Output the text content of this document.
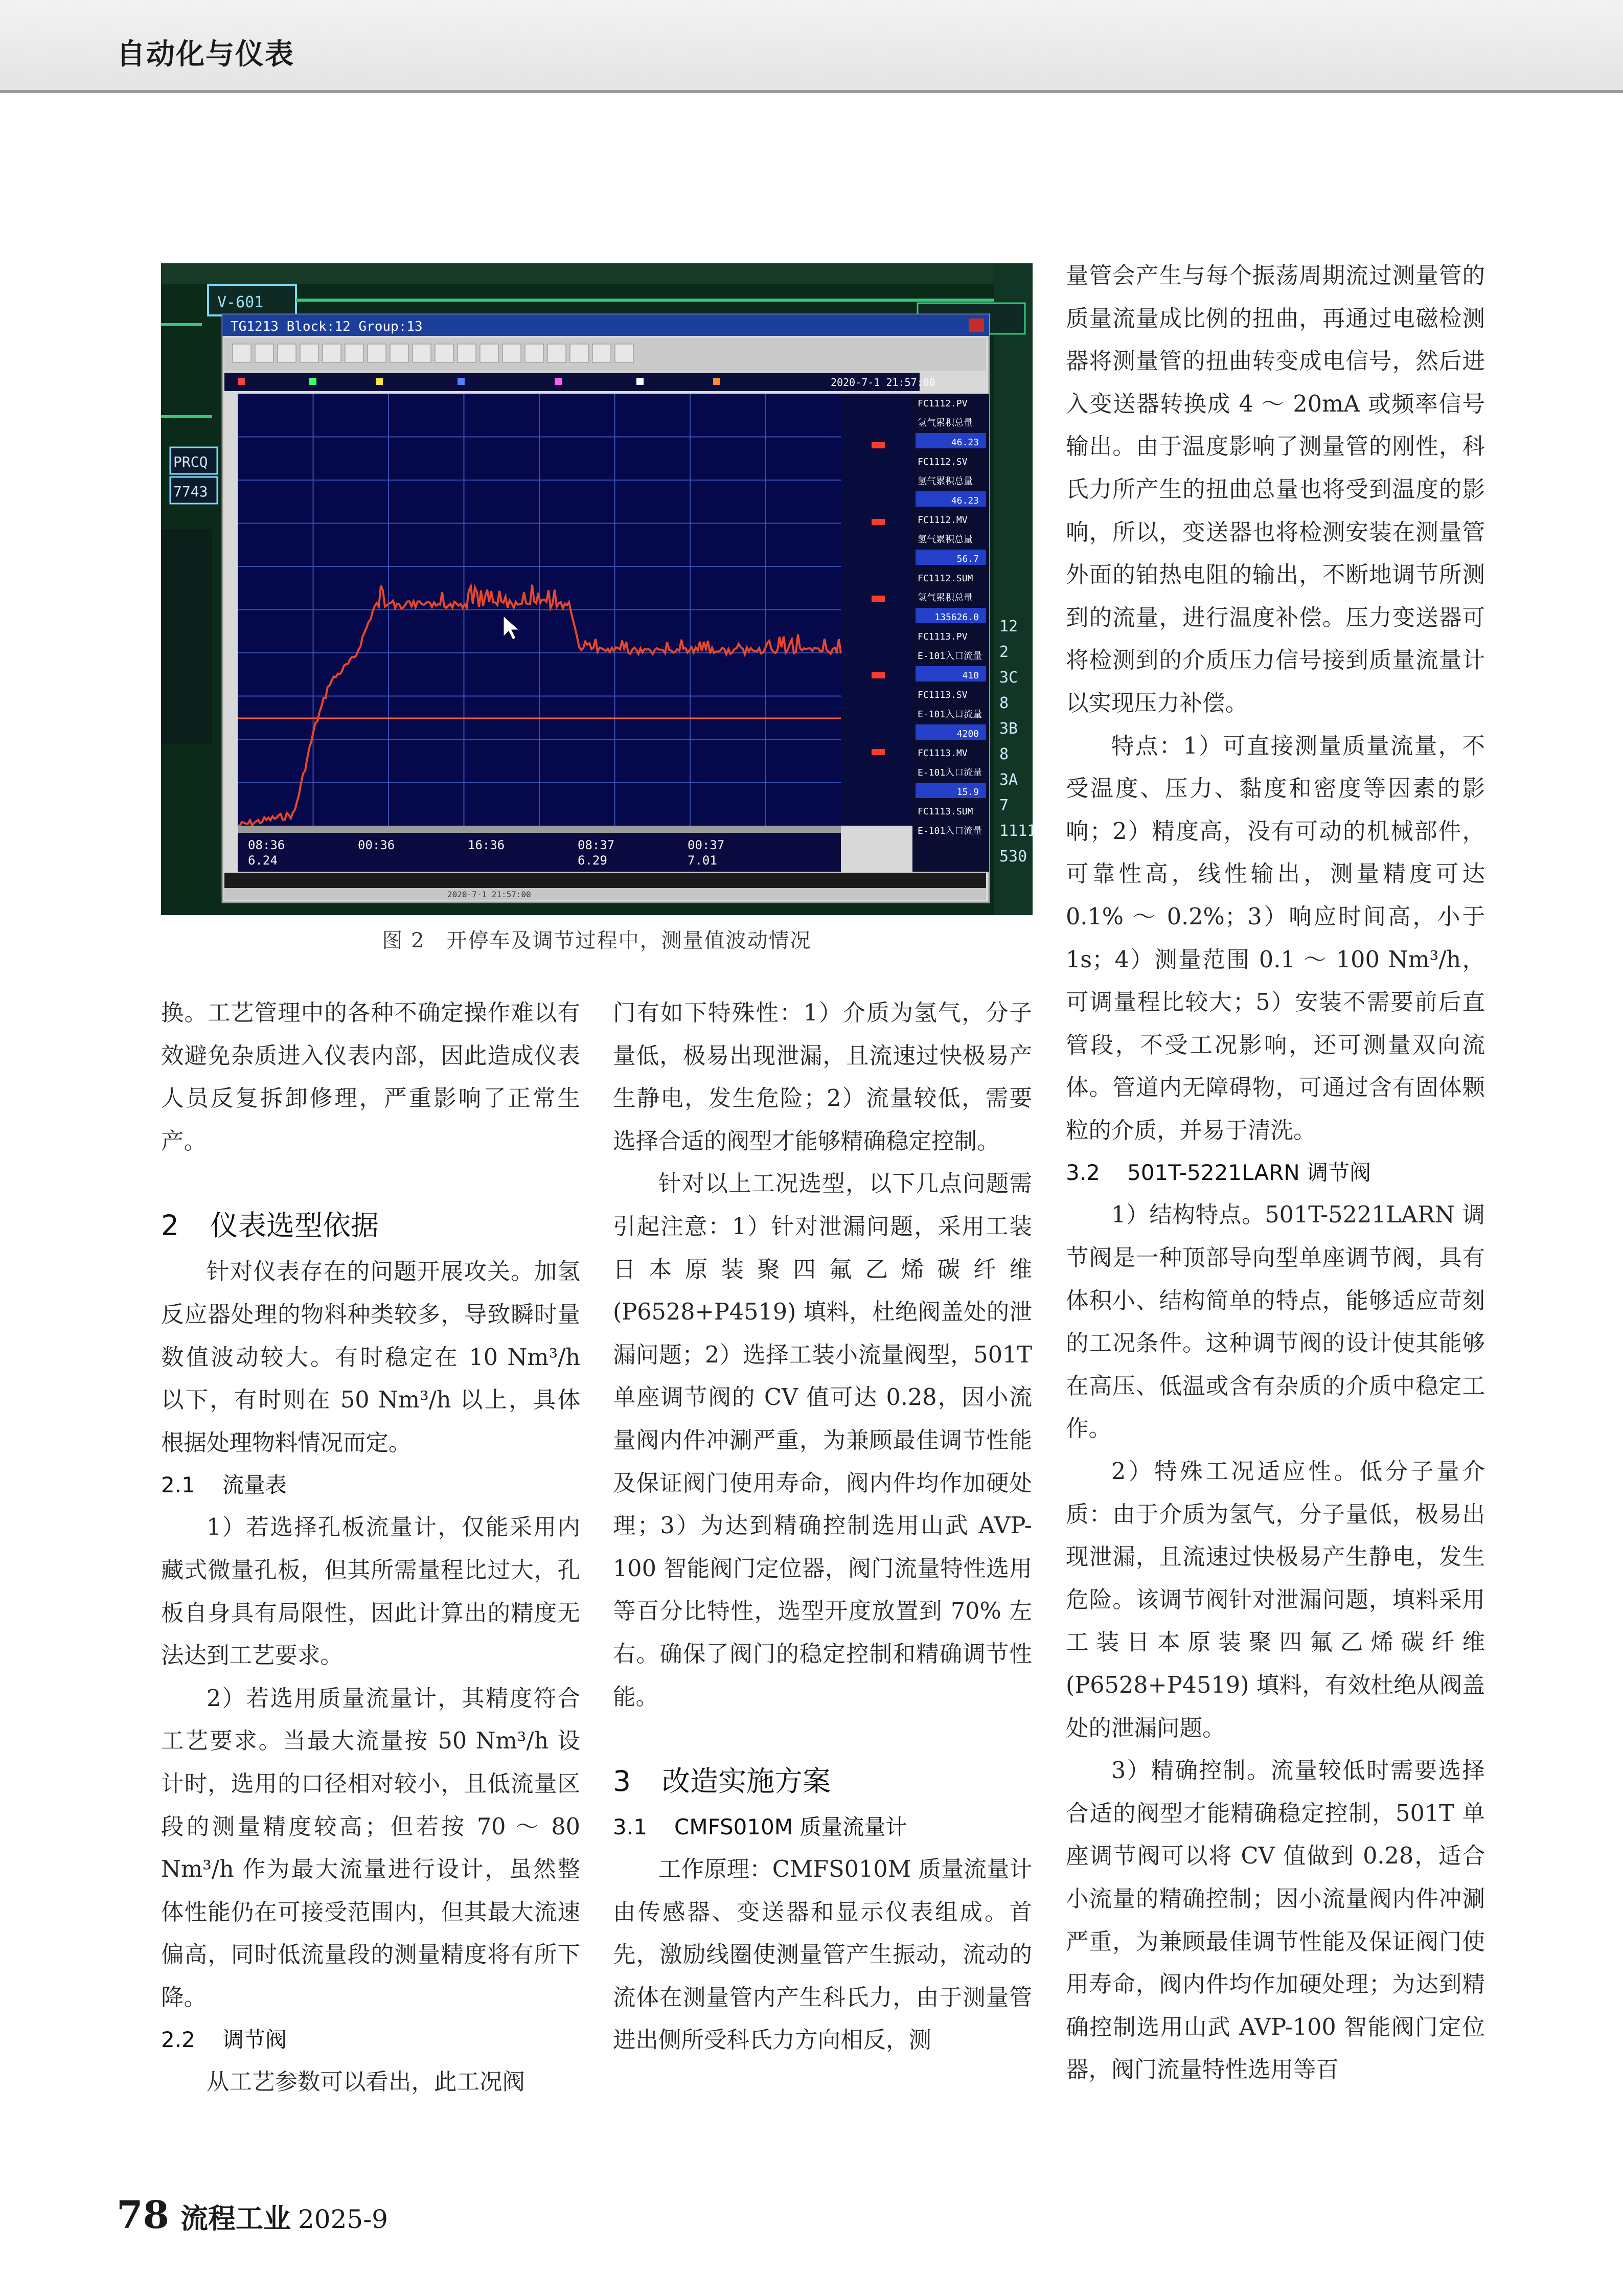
自动化与仪表
V-601
PRCQ
7743
TG1213 Block:12 Group:13
2020-7-1 21:57:00
08:36
6.24
00:36	16:36	08:37
6.29
00:37
7.01
2020-7-1 21:57:00
FC1112.PV
氢气累积总量
46.23
FC1112.SV
氢气累积总量
46.23
FC1112.MV
氢气累积总量
56.7
FC1112.SUM
氢气累积总量
135626.0
FC1113.PV
E-101入口流量
410
FC1113.SV
E-101入口流量
4200
FC1113.MV
E-101入口流量
15.9
FC1113.SUM
E-101入口流量
12
2
3C
8
3B
8
3A
7
1111
530
图 2　开停车及调节过程中，测量值波动情况

换。工艺管理中的各种不确定操作难以有效避免杂质进入仪表内部，因此造成仪表人员反复拆卸修理，严重影响了正常生产。

2 仪表选型依据

针对仪表存在的问题开展攻关。加氢反应器处理的物料种类较多，导致瞬时量数值波动较大。有时稳定在 10 Nm³/h 以下，有时则在 50 Nm³/h 以上，具体根据处理物料情况而定。

2.1 流量表

1）若选择孔板流量计，仅能采用内藏式微量孔板，但其所需量程比过大，孔板自身具有局限性，因此计算出的精度无法达到工艺要求。

2）若选用质量流量计，其精度符合工艺要求。当最大流量按 50 Nm³/h 设计时，选用的口径相对较小，且低流量区段的测量精度较高；但若按 70 ～ 80 Nm³/h 作为最大流量进行设计，虽然整体性能仍在可接受范围内，但其最大流速偏高，同时低流量段的测量精度将有所下降。

2.2 调节阀

从工艺参数可以看出，此工况阀

门有如下特殊性：1）介质为氢气，分子量低，极易出现泄漏，且流速过快极易产生静电，发生危险；2）流量较低，需要选择合适的阀型才能够精确稳定控制。

针对以上工况选型，以下几点问题需引起注意：1）针对泄漏问题，采用工装日本原装聚四氟乙烯碳纤维 (P6528+P4519) 填料，杜绝阀盖处的泄漏问题；2）选择工装小流量阀型，501T 单座调节阀的 CV 值可达 0.28，因小流量阀内件冲涮严重，为兼顾最佳调节性能及保证阀门使用寿命，阀内件均作加硬处理；3）为达到精确控制选用山武 AVP-100 智能阀门定位器，阀门流量特性选用等百分比特性，选型开度放置到 70% 左右。确保了阀门的稳定控制和精确调节性能。

3 改造实施方案
3.1 CMFS010M 质量流量计

工作原理：CMFS010M 质量流量计由传感器、变送器和显示仪表组成。首先，激励线圈使测量管产生振动，流动的流体在测量管内产生科氏力，由于测量管进出侧所受科氏力方向相反，测

量管会产生与每个振荡周期流过测量管的质量流量成比例的扭曲，再通过电磁检测器将测量管的扭曲转变成电信号，然后进入变送器转换成 4 ～ 20mA 或频率信号输出。由于温度影响了测量管的刚性，科氏力所产生的扭曲总量也将受到温度的影响，所以，变送器也将检测安装在测量管外面的铂热电阻的输出，不断地调节所测到的流量，进行温度补偿。压力变送器可将检测到的介质压力信号接到质量流量计以实现压力补偿。

特点：1）可直接测量质量流量，不受温度、压力、黏度和密度等因素的影响；2）精度高，没有可动的机械部件，可靠性高，线性输出，测量精度可达 0.1% ～ 0.2%；3）响应时间高，小于 1s；4）测量范围 0.1 ～ 100 Nm³/h，可调量程比较大；5）安装不需要前后直管段，不受工况影响，还可测量双向流体。管道内无障碍物，可通过含有固体颗粒的介质，并易于清洗。

3.2 501T-5221LARN 调节阀

1）结构特点。501T-5221LARN 调节阀是一种顶部导向型单座调节阀，具有体积小、结构简单的特点，能够适应苛刻的工况条件。这种调节阀的设计使其能够在高压、低温或含有杂质的介质中稳定工作。

2）特殊工况适应性。低分子量介质：由于介质为氢气，分子量低，极易出现泄漏，且流速过快极易产生静电，发生危险。该调节阀针对泄漏问题，填料采用工装日本原装聚四氟乙烯碳纤维 (P6528+P4519) 填料，有效杜绝从阀盖处的泄漏问题。

3）精确控制。流量较低时需要选择合适的阀型才能精确稳定控制，501T 单座调节阀可以将 CV 值做到 0.28，适合小流量的精确控制；因小流量阀内件冲涮严重，为兼顾最佳调节性能及保证阀门使用寿命，阀内件均作加硬处理；为达到精确控制选用山武 AVP-100 智能阀门定位器，阀门流量特性选用等百

78 流程工业 2025-9
